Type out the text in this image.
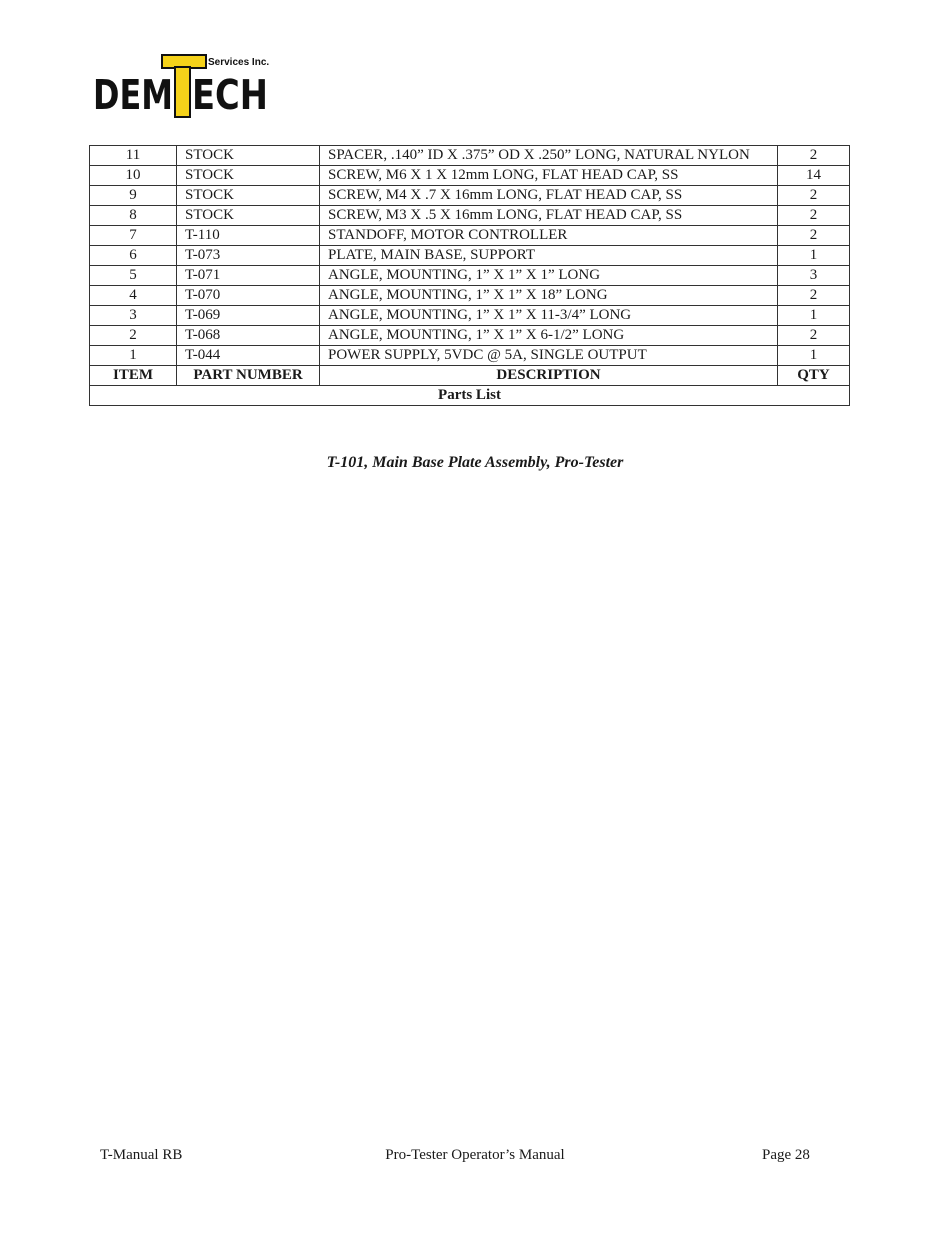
Services Inc.
DEM ECH
11	STOCK	SPACER, .140” ID X .375” OD X .250” LONG, NATURAL NYLON	2
10	STOCK	SCREW, M6 X 1 X 12mm LONG, FLAT HEAD CAP, SS	14
9	STOCK	SCREW, M4 X .7 X 16mm LONG, FLAT HEAD CAP, SS	2
8	STOCK	SCREW, M3 X .5 X 16mm LONG, FLAT HEAD CAP, SS	2
7	T-110	STANDOFF, MOTOR CONTROLLER	2
6	T-073	PLATE, MAIN BASE, SUPPORT	1
5	T-071	ANGLE, MOUNTING, 1” X 1” X 1” LONG	3
4	T-070	ANGLE, MOUNTING, 1” X 1” X 18” LONG	2
3	T-069	ANGLE, MOUNTING, 1” X 1” X 11-3/4” LONG	1
2	T-068	ANGLE, MOUNTING, 1” X 1” X 6-1/2” LONG	2
1	T-044	POWER SUPPLY, 5VDC @ 5A, SINGLE OUTPUT	1
ITEM	PART NUMBER	DESCRIPTION	QTY
Parts List			
T-101, Main Base Plate Assembly, Pro-Tester
T-Manual RB	Pro-Tester Operator’s Manual	Page 28
